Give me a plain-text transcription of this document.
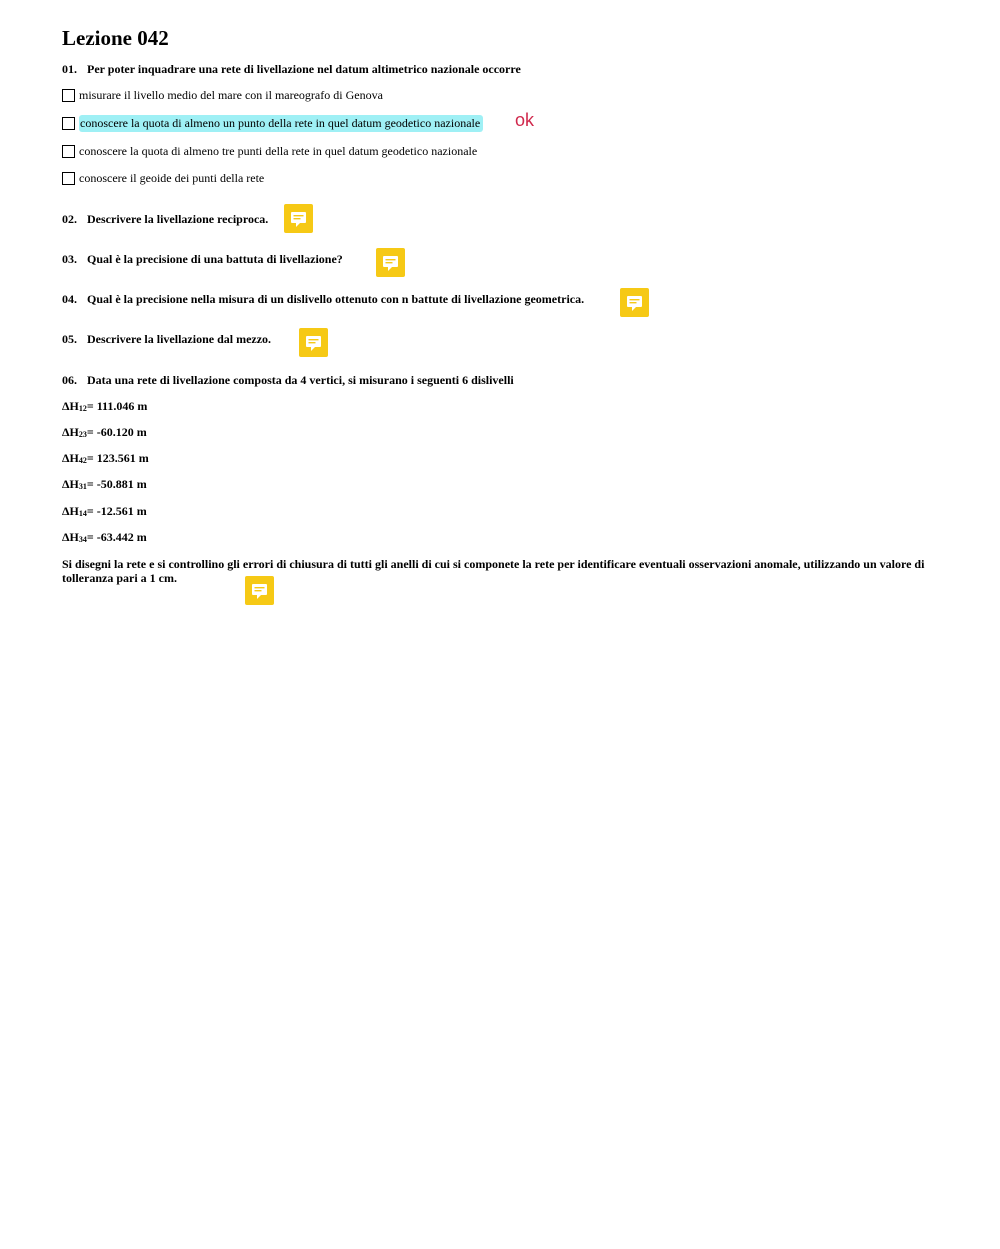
Lezione 042
01. Per poter inquadrare una rete di livellazione nel datum altimetrico nazionale occorre
misurare il livello medio del mare con il mareografo di Genova
conoscere la quota di almeno un punto della rete in quel datum geodetico nazionale ok
conoscere la quota di almeno tre punti della rete in quel datum geodetico nazionale
conoscere il geoide dei punti della rete
02. Descrivere la livellazione reciproca.
03. Qual è la precisione di una battuta di livellazione?
04. Qual è la precisione nella misura di un dislivello ottenuto con n battute di livellazione geometrica.
05. Descrivere la livellazione dal mezzo.
06. Data una rete di livellazione composta da 4 vertici, si misurano i seguenti 6 dislivelli
$\Delta H_{12}= 111.046$ m
$\Delta H_{23}= -60.120$ m
$\Delta H_{42}= 123.561$ m
$\Delta H_{31}= -50.881$ m
$\Delta H_{14}= -12.561$ m
$\Delta H_{34}= -63.442$ m
Si disegni la rete e si controllino gli errori di chiusura di tutti gli anelli di cui si componete la rete per identificare eventuali osservazioni anomale, utilizzando un valore di tolleranza pari a 1 cm.
